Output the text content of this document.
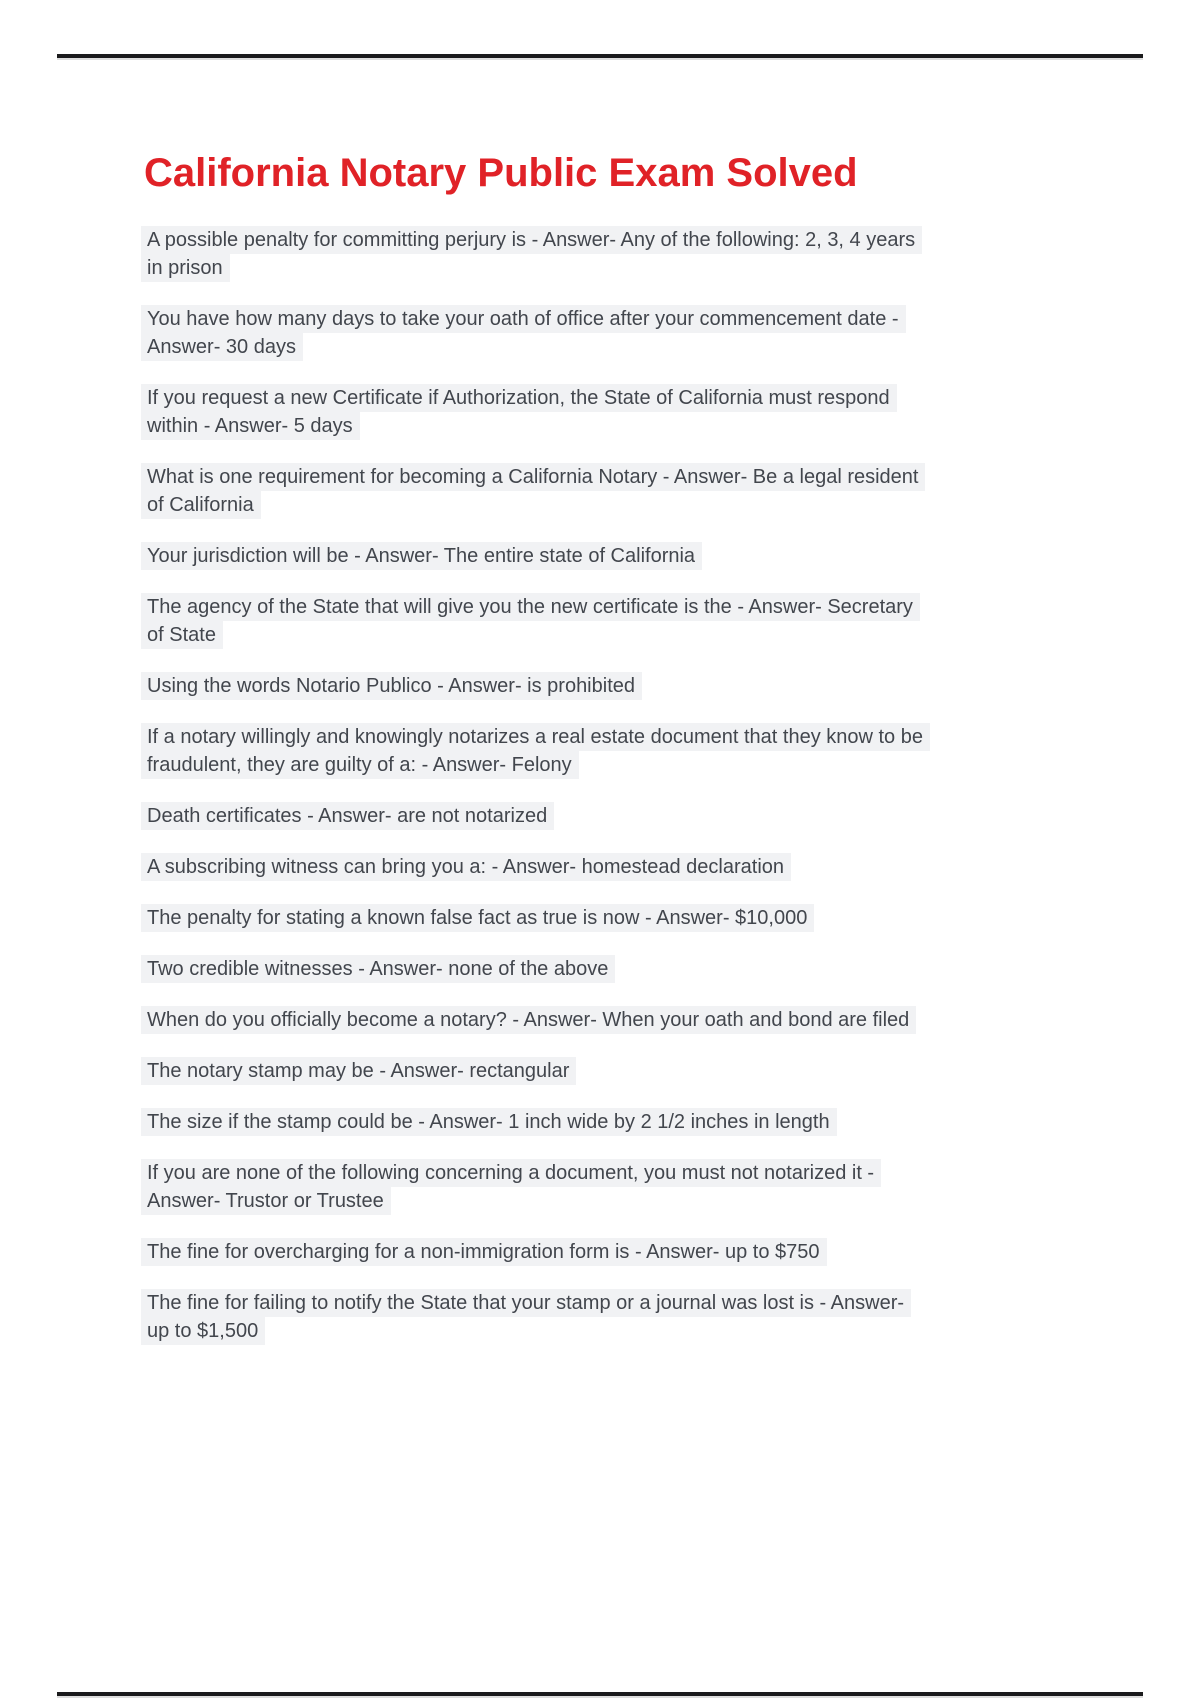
California Notary Public Exam Solved

A possible penalty for committing perjury is - Answer- Any of the following: 2, 3, 4 years
in prison

You have how many days to take your oath of office after your commencement date -
Answer- 30 days

If you request a new Certificate if Authorization, the State of California must respond
within - Answer- 5 days

What is one requirement for becoming a California Notary - Answer- Be a legal resident
of California

Your jurisdiction will be - Answer- The entire state of California

The agency of the State that will give you the new certificate is the - Answer- Secretary
of State

Using the words Notario Publico - Answer- is prohibited

If a notary willingly and knowingly notarizes a real estate document that they know to be
fraudulent, they are guilty of a: - Answer- Felony

Death certificates - Answer- are not notarized

A subscribing witness can bring you a: - Answer- homestead declaration

The penalty for stating a known false fact as true is now - Answer- $10,000

Two credible witnesses - Answer- none of the above

When do you officially become a notary? - Answer- When your oath and bond are filed

The notary stamp may be - Answer- rectangular

The size if the stamp could be - Answer- 1 inch wide by 2 1/2 inches in length

If you are none of the following concerning a document, you must not notarized it -
Answer- Trustor or Trustee

The fine for overcharging for a non-immigration form is - Answer- up to $750

The fine for failing to notify the State that your stamp or a journal was lost is - Answer-
up to $1,500
